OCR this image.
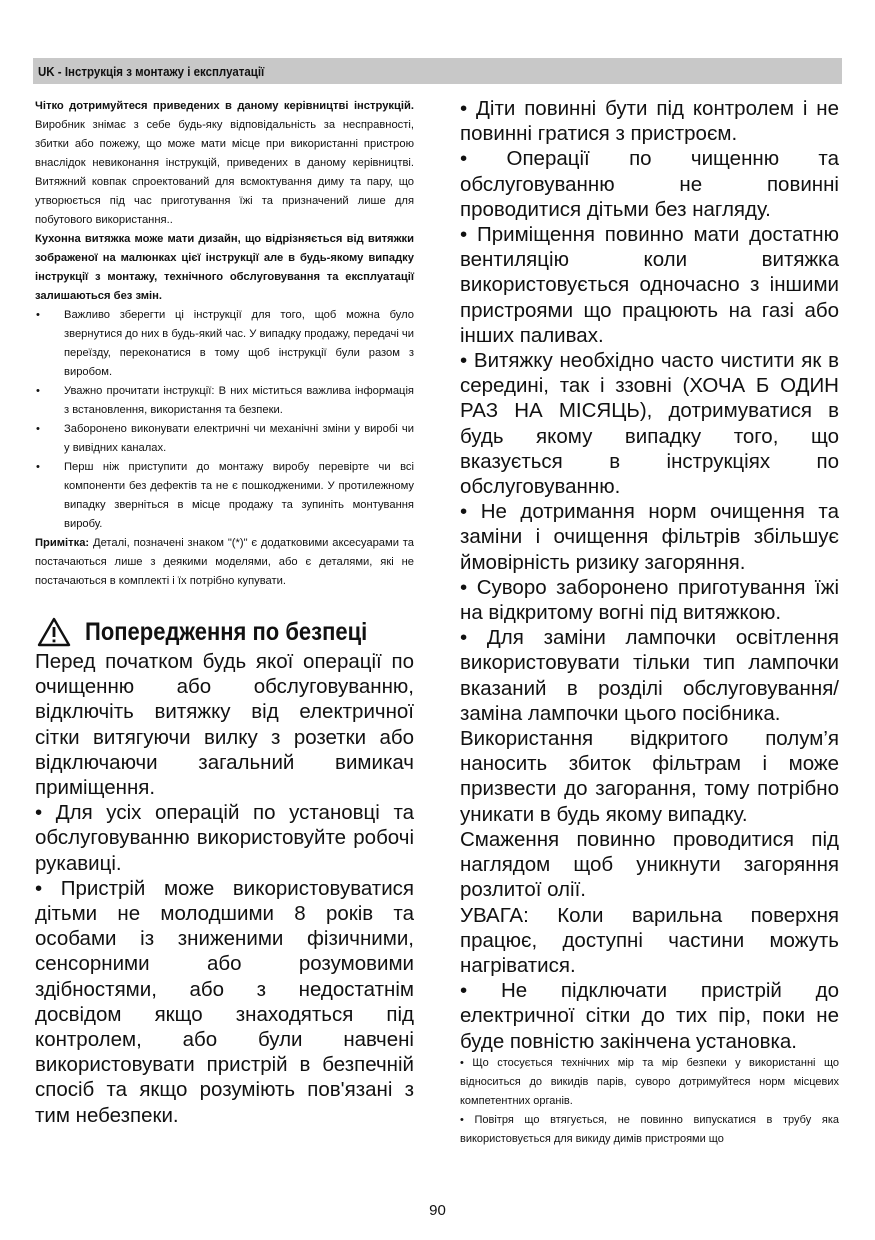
UK - Інструкція з монтажу і експлуатації

Чітко дотримуйтеся приведених в даному керівництві інструкцій. Виробник знімає з себе будь-яку відповідальність за несправності, збитки або пожежу, що може мати місце при використанні пристрою внаслідок невиконання інструкцій, приведених в даному керівництві. Витяжний ковпак спроектований для всмоктування диму та пару, що утворюється під час приготування їжі та призначений лише для побутового використання..

Кухонна витяжка може мати дизайн, що відрізняється від витяжки зображеної на малюнках цієї інструкції але в будь-якому випадку інструкції з монтажу, технічного обслуговування та експлуатації залишаються без змін.

• Важливо зберегти ці інструкції для того, щоб можна було звернутися до них в будь-який час. У випадку продажу, передачі чи переїзду, переконатися в тому щоб інструкції були разом з виробом.
• Уважно прочитати інструкції: В них міститься важлива інформація з встановлення, використання та безпеки.
• Заборонено виконувати електричні чи механічні зміни у виробі чи у вивідних каналах.
• Перш ніж приступити до монтажу виробу перевірте чи всі компоненти без дефектів та не є пошкодженими. У протилежному випадку зверніться в місце продажу та зупиніть монтування виробу.

Примітка: Деталі, позначені знаком "(*)" є додатковими аксесуарами та постачаються лише з деякими моделями, або є деталями, які не постачаються в комплекті і їх потрібно купувати.

Попередження по безпеці

Перед початком будь якої операції по очищенню або обслуговуванню, відключіть витяжку від електричної сітки витягуючи вилку з розетки або відключаючи загальний вимикач приміщення.

• Для усіх операцій по установці та обслуговуванню використовуйте робочі рукавиці.

• Пристрій може використовуватися дітьми не молодшими 8 років та особами із зниженими фізичними, сенсорними або розумовими здібностями, або з недостатнім досвідом якщо знаходяться під контролем, або були навчені використовувати пристрій в безпечній спосіб та якщо розуміють пов'язані з тим небезпеки.

• Діти повинні бути під контролем і не повинні гратися з пристроєм.

• Операції по чищенню та обслуговуванню не повинні проводитися дітьми без нагляду.

• Приміщення повинно мати достатню вентиляцію коли витяжка використовується одночасно з іншими пристроями що працюють на газі або інших паливах.

• Витяжку необхідно часто чистити як в середині, так і ззовні (ХОЧА Б ОДИН РАЗ НА МІСЯЦЬ), дотримуватися в будь якому випадку того, що вказується в інструкціях по обслуговуванню.

• Не дотримання норм очищення та заміни і очищення фільтрів збільшує ймовірність ризику загоряння.

• Суворо заборонено приготування їжі на відкритому вогні під витяжкою.

• Для заміни лампочки освітлення використовувати тільки тип лампочки вказаний в розділі обслуговування/заміна лампочки цього посібника.

Використання відкритого полум’я наносить збиток фільтрам і може призвести до загорання, тому потрібно уникати в будь якому випадку.

Смаження повинно проводитися під наглядом щоб уникнути загоряння розлитої олії.

УВАГА: Коли варильна поверхня працює, доступні частини можуть нагріватися.

• Не підключати пристрій до електричної сітки до тих пір, поки не буде повністю закінчена установка.

• Що стосується технічних мір та мір безпеки у використанні що відноситься до викидів парів, суворо дотримуйтеся норм місцевих компетентних органів.

• Повітря що втягується, не повинно випускатися в трубу яка використовується для викиду димів пристроями що

90
